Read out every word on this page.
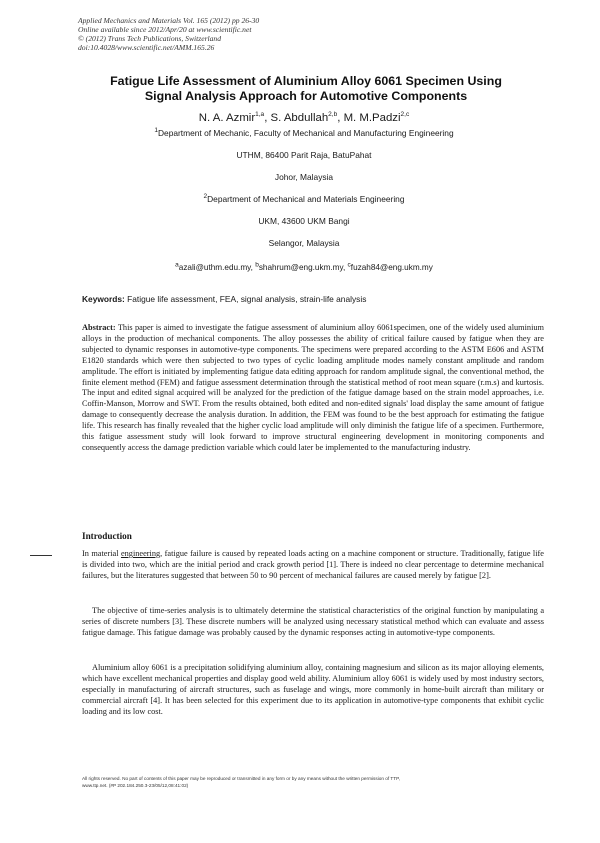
Applied Mechanics and Materials Vol. 165 (2012) pp 26-30
Online available since 2012/Apr/20 at www.scientific.net
© (2012) Trans Tech Publications, Switzerland
doi:10.4028/www.scientific.net/AMM.165.26
Fatigue Life Assessment of Aluminium Alloy 6061 Specimen Using
Signal Analysis Approach for Automotive Components
N. A. Azmir$^{1,a}$, S. Abdullah$^{2,b}$, M. M.Padzi$^{2,c}$
$^1$Department of Mechanic, Faculty of Mechanical and Manufacturing Engineering
UTHM, 86400 Parit Raja, BatuPahat
Johor, Malaysia
$^2$Department of Mechanical and Materials Engineering
UKM, 43600 UKM Bangi
Selangor, Malaysia
$^a$azali@uthm.edu.my, $^b$shahrum@eng.ukm.my, $^c$fuzah84@eng.ukm.my
Keywords: Fatigue life assessment, FEA, signal analysis, strain-life analysis
Abstract: This paper is aimed to investigate the fatigue assessment of aluminium alloy 6061specimen, one of the widely used aluminium alloys in the production of mechanical components. The alloy possesses the ability of critical failure caused by fatigue when they are subjected to dynamic responses in automotive-type components. The specimens were prepared according to the ASTM E606 and ASTM E1820 standards which were then subjected to two types of cyclic loading amplitude modes namely constant amplitude and random amplitude. The effort is initiated by implementing fatigue data editing approach for random amplitude signal, the conventional method, the finite element method (FEM) and fatigue assessment determination through the statistical method of root mean square (r.m.s) and kurtosis. The input and edited signal acquired will be analyzed for the prediction of the fatigue damage based on the strain model approaches, i.e. Coffin-Manson, Morrow and SWT. From the results obtained, both edited and non-edited signals' load display the same amount of fatigue damage to consequently decrease the analysis duration. In addition, the FEM was found to be the best approach for estimating the fatigue life. This research has finally revealed that the higher cyclic load amplitude will only diminish the fatigue life of a specimen. Furthermore, this fatigue assessment study will look forward to improve structural engineering development in monitoring components and consequently access the damage prediction variable which could later be implemented to the manufacturing industry.
Introduction

In material engineering, fatigue failure is caused by repeated loads acting on a machine component or structure. Traditionally, fatigue life is divided into two, which are the initial period and crack growth period [1]. There is indeed no clear percentage to determine mechanical failures, but the literatures suggested that between 50 to 90 percent of mechanical failures are caused merely by fatigue [2].

The objective of time-series analysis is to ultimately determine the statistical characteristics of the original function by manipulating a series of discrete numbers [3]. These discrete numbers will be analyzed using necessary statistical method which can evaluate and assess fatigue damage. This fatigue damage was probably caused by the dynamic responses acting in automotive-type components.

Aluminium alloy 6061 is a precipitation solidifying aluminium alloy, containing magnesium and silicon as its major alloying elements, which have excellent mechanical properties and display good weld ability. Aluminium alloy 6061 is widely used by most industry sectors, especially in manufacturing of aircraft structures, such as fuselage and wings, more commonly in home-built aircraft than military or commercial aircraft [4]. It has been selected for this experiment due to its application in automotive-type components that exhibit cyclic loading and its low cost.

All rights reserved. No part of contents of this paper may be reproduced or transmitted in any form or by any means without the written permission of TTP,
www.ttp.net. (#P 202.184.250.3-23/05/12,08:41:02)
